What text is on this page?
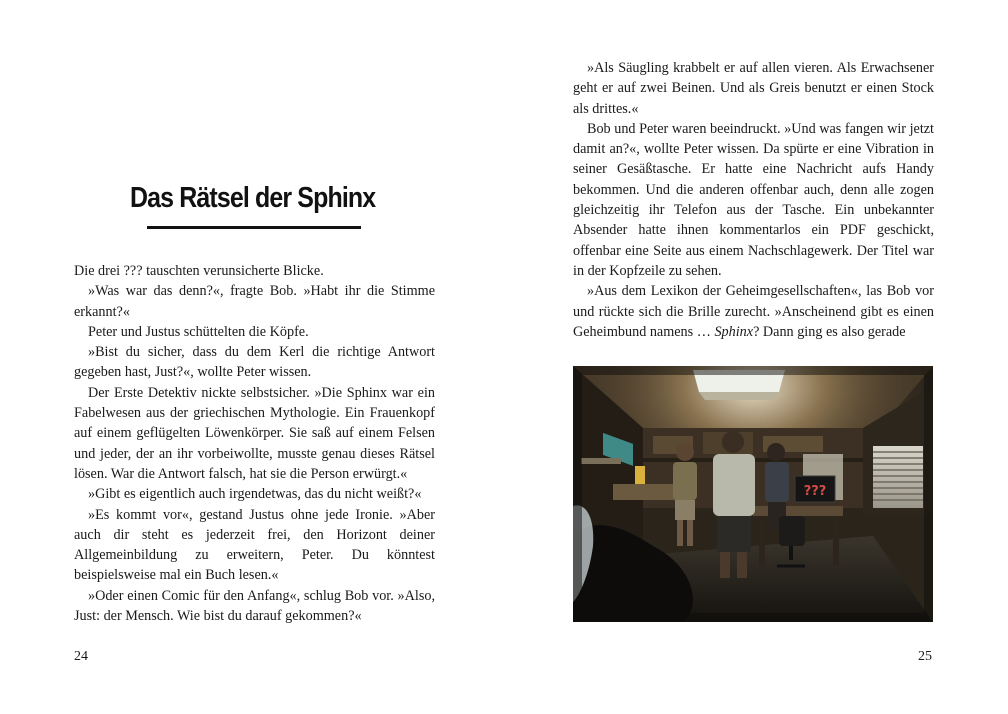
Das Rätsel der Sphinx

Die drei ??? tauschten verunsicherte Blicke.

»Was war das denn?«, fragte Bob. »Habt ihr die Stimme erkannt?«

Peter und Justus schüttelten die Köpfe.

»Bist du sicher, dass du dem Kerl die richtige Antwort gegeben hast, Just?«, wollte Peter wissen.

Der Erste Detektiv nickte selbstsicher. »Die Sphinx war ein Fabelwesen aus der griechischen Mythologie. Ein Frauenkopf auf einem geflügelten Löwenkörper. Sie saß auf einem Felsen und jeder, der an ihr vorbeiwollte, musste genau dieses Rätsel lösen. War die Antwort falsch, hat sie die Person erwürgt.«

»Gibt es eigentlich auch irgendetwas, das du nicht weißt?«

»Es kommt vor«, gestand Justus ohne jede Ironie. »Aber auch dir steht es jederzeit frei, den Horizont deiner Allgemeinbildung zu erweitern, Peter. Du könntest beispielsweise mal ein Buch lesen.«

»Oder einen Comic für den Anfang«, schlug Bob vor. »Also, Just: der Mensch. Wie bist du darauf gekommen?«

24

»Als Säugling krabbelt er auf allen vieren. Als Erwachsener geht er auf zwei Beinen. Und als Greis benutzt er einen Stock als drittes.«

Bob und Peter waren beeindruckt. »Und was fangen wir jetzt damit an?«, wollte Peter wissen. Da spürte er eine Vibration in seiner Gesäßtasche. Er hatte eine Nachricht aufs Handy bekommen. Und die anderen offenbar auch, denn alle zogen gleichzeitig ihr Telefon aus der Tasche. Ein unbekannter Absender hatte ihnen kommentarlos ein PDF geschickt, offenbar eine Seite aus einem Nachschlagewerk. Der Titel war in der Kopfzeile zu sehen.

»Aus dem Lexikon der Geheimgesellschaften«, las Bob vor und rückte sich die Brille zurecht. »Anscheinend gibt es einen Geheimbund namens … Sphinx? Dann ging es also gerade

???
25
